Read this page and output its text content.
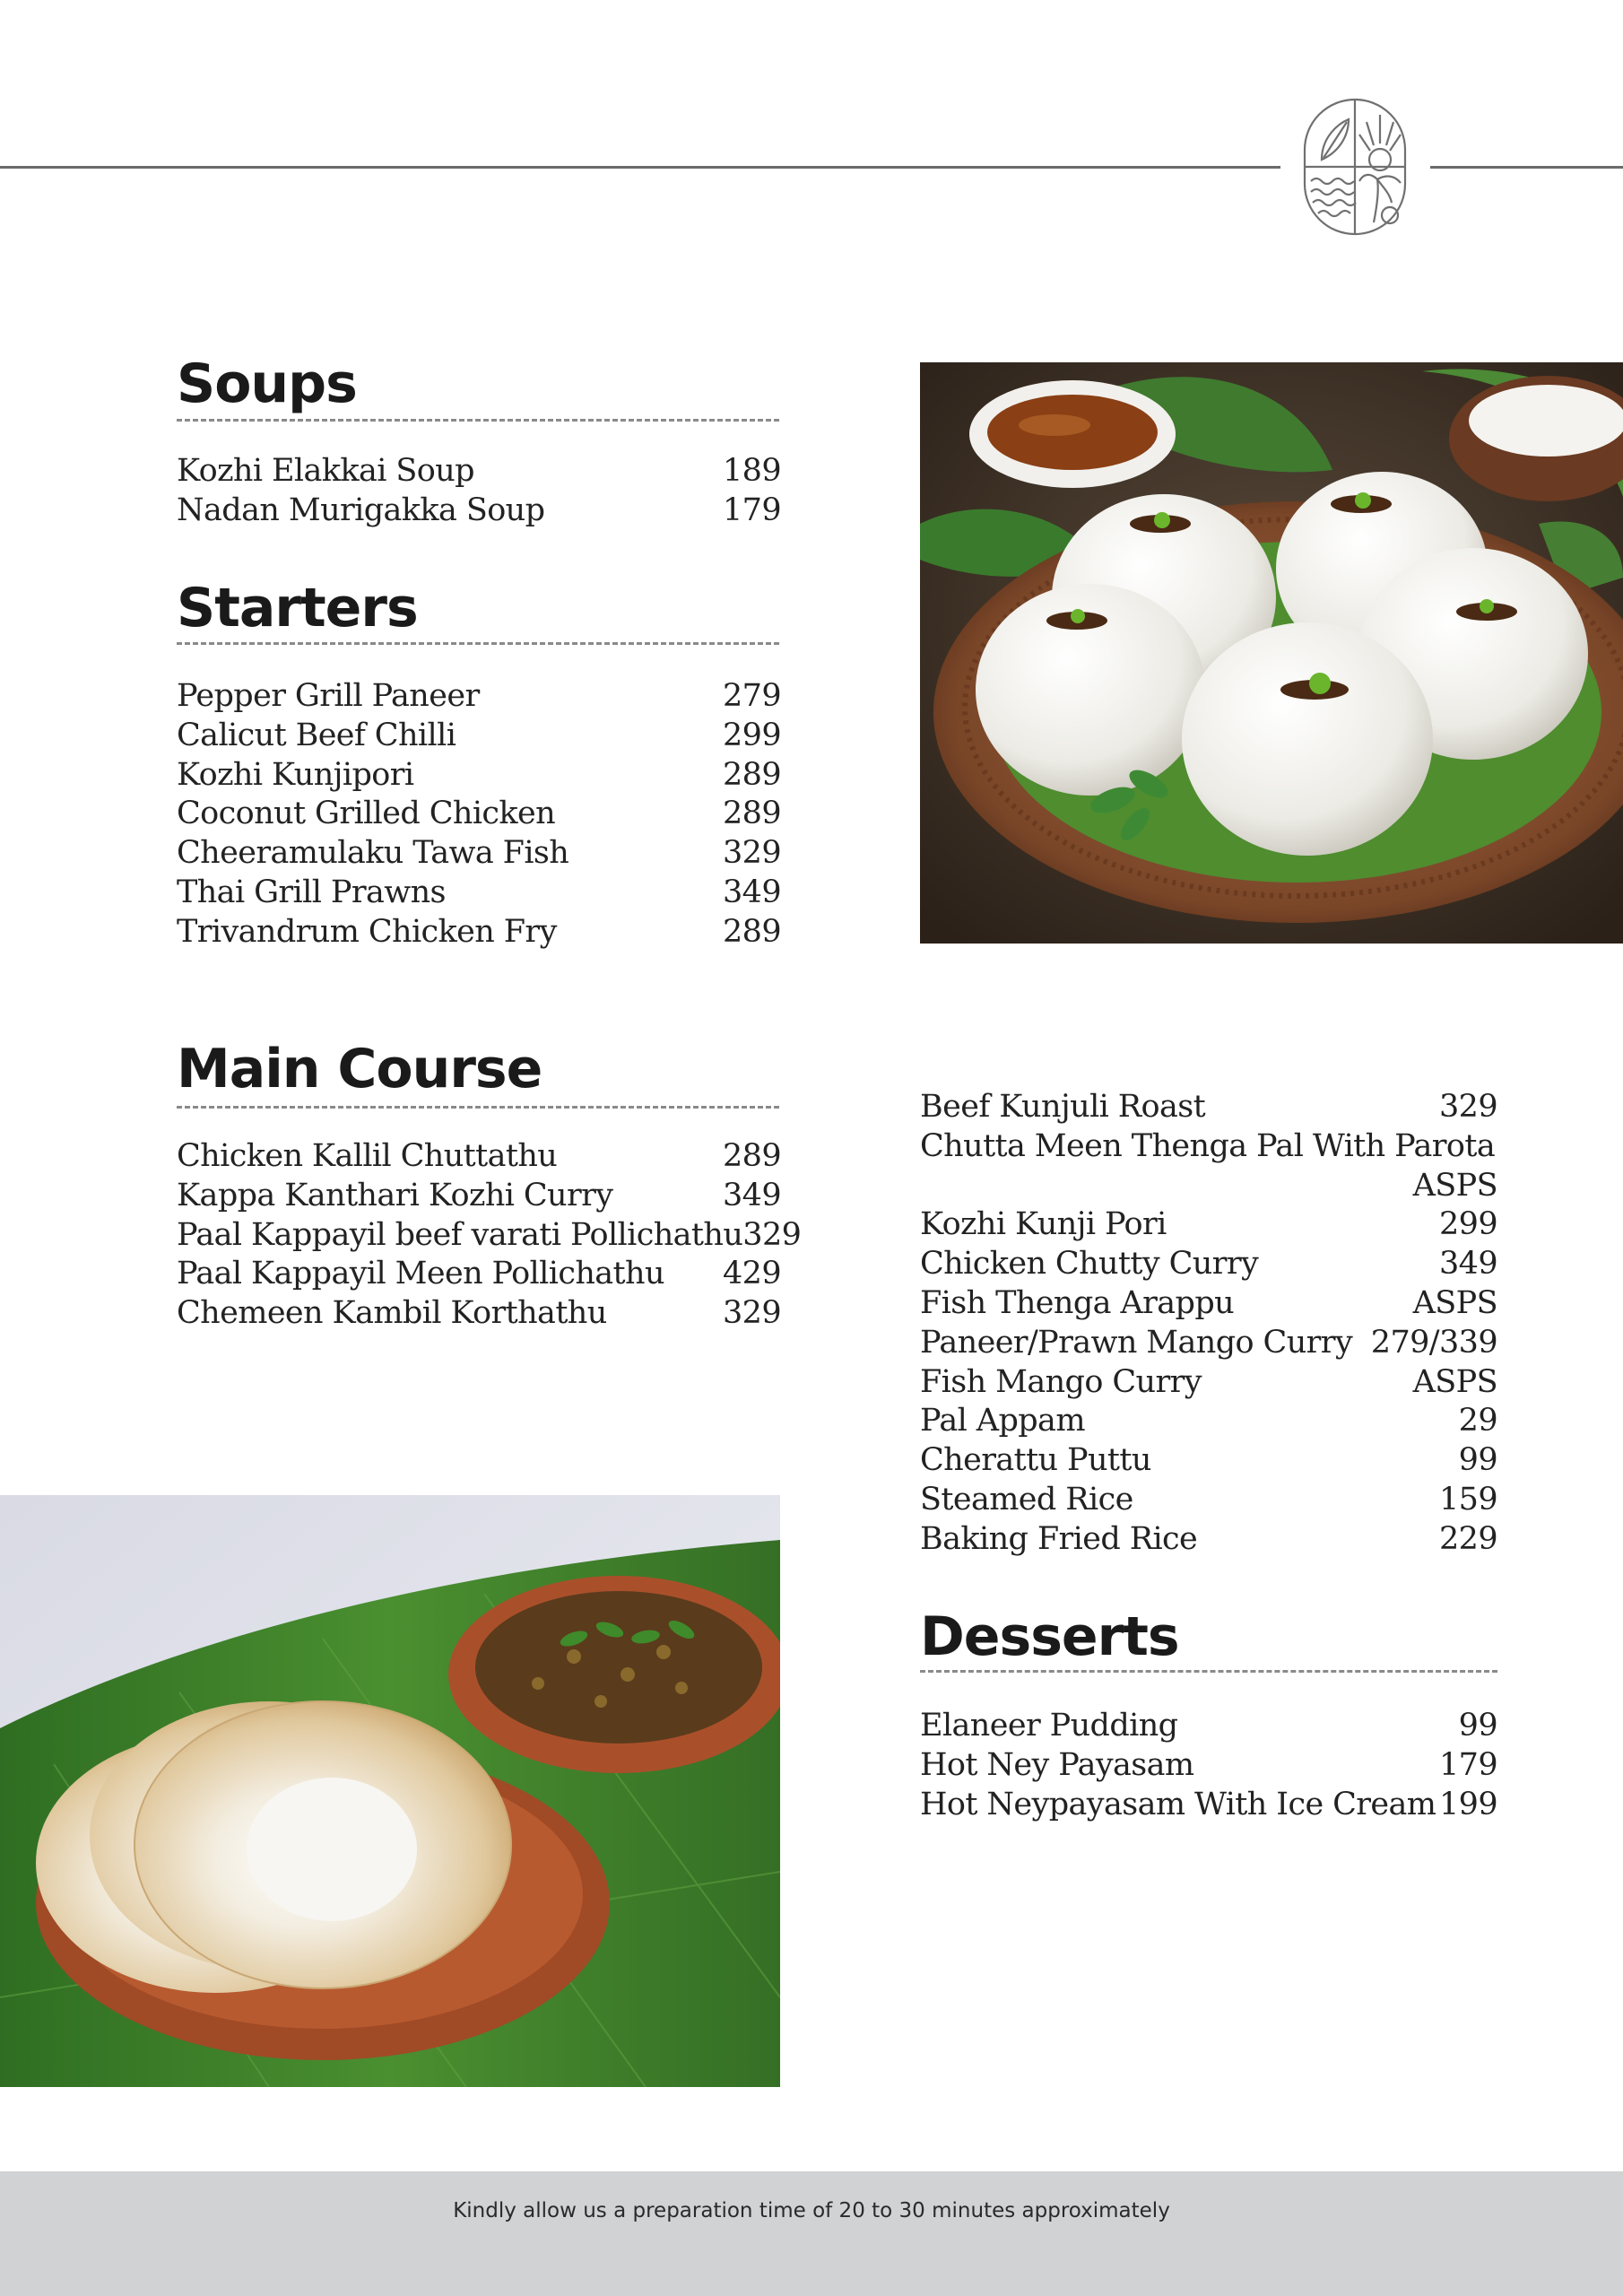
Soups
Kozhi Elakkai Soup	189
Nadan Murigakka Soup	179
Starters
Pepper Grill Paneer	279
Calicut Beef Chilli	299
Kozhi Kunjipori	289
Coconut Grilled Chicken	289
Cheeramulaku Tawa Fish	329
Thai Grill Prawns	349
Trivandrum Chicken Fry	289
Main Course
Chicken Kallil Chuttathu	289
Kappa Kanthari Kozhi Curry	349
Paal Kappayil beef varati Pollichathu 329
Paal Kappayil Meen Pollichathu 429
Chemeen Kambil Korthathu	329
Beef Kunjuli Roast	329
Chutta Meen Thenga Pal With Parota
ASPS
Kozhi Kunji Pori	299
Chicken Chutty Curry	349
Fish Thenga Arappu	ASPS
Paneer/Prawn Mango Curry 279/339
Fish Mango Curry	ASPS
Pal Appam	29
Cherattu Puttu	99
Steamed Rice	159
Baking Fried Rice	229
Desserts
Elaneer Pudding	99
Hot Ney Payasam	179
Hot Neypayasam With Ice Cream 199
Kindly allow us a preparation time of 20 to 30 minutes approximately
